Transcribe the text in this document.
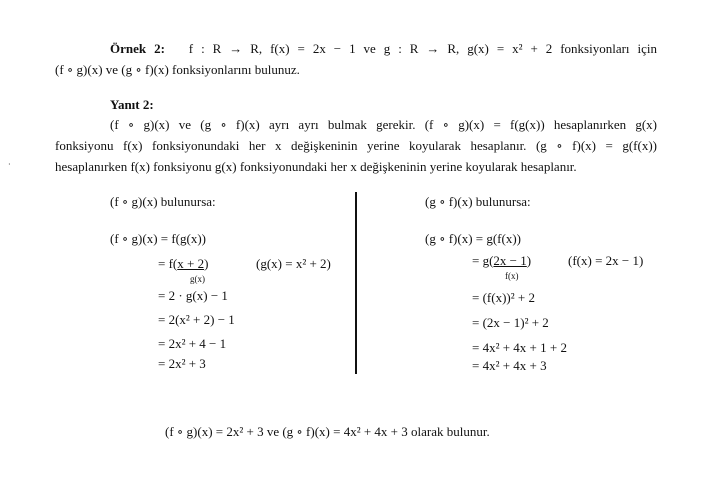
Örnek 2: f : R → R, f(x) = 2x − 1 ve g : R → R, g(x) = x² + 2 fonksiyonları için
(f ∘ g)(x) ve (g ∘ f)(x) fonksiyonlarını bulunuz.
Yanıt 2:
(f ∘ g)(x) ve (g ∘ f)(x) ayrı ayrı bulmak gerekir. (f ∘ g)(x) = f(g(x)) hesaplanırken g(x)
fonksiyonu f(x) fonksiyonundaki her x değişkeninin yerine koyularak hesaplanır. (g ∘ f)(x) = g(f(x))
hesaplanırken f(x) fonksiyonu g(x) fonksiyonundaki her x değişkeninin yerine koyularak hesaplanır.
·
(f ∘ g)(x) bulunursa:
(f ∘ g)(x) = f(g(x))
= f(x + 2)
g(x)
(g(x) = x² + 2)
= 2 · g(x) − 1
= 2(x² + 2) − 1
= 2x² + 4 − 1
= 2x² + 3
(g ∘ f)(x) bulunursa:
(g ∘ f)(x) = g(f(x))
= g(2x − 1)
f(x)
(f(x) = 2x − 1)
= (f(x))² + 2
= (2x − 1)² + 2
= 4x² + 4x + 1 + 2
= 4x² + 4x + 3
(f ∘ g)(x) = 2x² + 3 ve (g ∘ f)(x) = 4x² + 4x + 3 olarak bulunur.
